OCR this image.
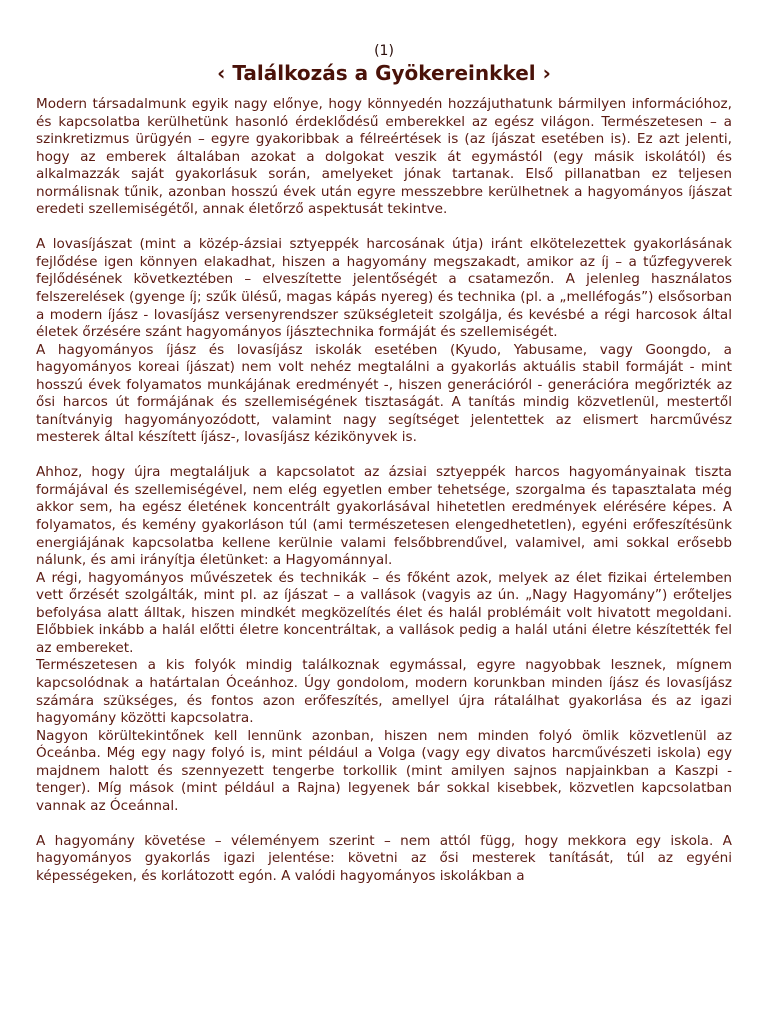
(1)
‹ Találkozás a Gyökereinkkel ›

Modern társadalmunk egyik nagy előnye, hogy könnyedén hozzájuthatunk bármilyen információhoz, és kapcsolatba kerülhetünk hasonló érdeklődésű emberekkel az egész világon. Természetesen – a szinkretizmus ürügyén – egyre gyakoribbak a félreértések is (az íjászat esetében is). Ez azt jelenti, hogy az emberek általában azokat a dolgokat veszik át egymástól (egy másik iskolától) és alkalmazzák saját gyakorlásuk során, amelyeket jónak tartanak. Első pillanatban ez teljesen normálisnak tűnik, azonban hosszú évek után egyre messzebbre kerülhetnek a hagyományos íjászat eredeti szellemiségétől, annak életőrző aspektusát tekintve.

A lovasíjászat (mint a közép-ázsiai sztyeppék harcosának útja) iránt elkötelezettek gyakorlásának fejlődése igen könnyen elakadhat, hiszen a hagyomány megszakadt, amikor az íj – a tűzfegyverek fejlődésének következtében – elveszítette jelentőségét a csatamezőn. A jelenleg használatos felszerelések (gyenge íj; szűk ülésű, magas kápás nyereg) és technika (pl. a „melléfogás”) elsősorban a modern íjász - lovasíjász versenyrendszer szükségleteit szolgálja, és kevésbé a régi harcosok által életek őrzésére szánt hagyományos íjásztechnika formáját és szellemiségét.

A hagyományos íjász és lovasíjász iskolák esetében (Kyudo, Yabusame, vagy Goongdo, a hagyományos koreai íjászat) nem volt nehéz megtalálni a gyakorlás aktuális stabil formáját - mint hosszú évek folyamatos munkájának eredményét -, hiszen generációról - generációra megőrizték az ősi harcos út formájának és szellemiségének tisztaságát. A tanítás mindig közvetlenül, mestertől tanítványig hagyományozódott, valamint nagy segítséget jelentettek az elismert harcművész mesterek által készített íjász-, lovasíjász kézikönyvek is.

Ahhoz, hogy újra megtaláljuk a kapcsolatot az ázsiai sztyeppék harcos hagyományainak tiszta formájával és szellemiségével, nem elég egyetlen ember tehetsége, szorgalma és tapasztalata még akkor sem, ha egész életének koncentrált gyakorlásával hihetetlen eredmények elérésére képes. A folyamatos, és kemény gyakorláson túl (ami természetesen elengedhetetlen), egyéni erőfeszítésünk energiájának kapcsolatba kellene kerülnie valami felsőbbrendűvel, valamivel, ami sokkal erősebb nálunk, és ami irányítja életünket: a Hagyománnyal.

A régi, hagyományos művészetek és technikák – és főként azok, melyek az élet fizikai értelemben vett őrzését szolgálták, mint pl. az íjászat – a vallások (vagyis az ún. „Nagy Hagyomány”) erőteljes befolyása alatt álltak, hiszen mindkét megközelítés élet és halál problémáit volt hivatott megoldani. Előbbiek inkább a halál előtti életre koncentráltak, a vallások pedig a halál utáni életre készítették fel az embereket.

Természetesen a kis folyók mindig találkoznak egymással, egyre nagyobbak lesznek, mígnem kapcsolódnak a határtalan Óceánhoz. Úgy gondolom, modern korunkban minden íjász és lovasíjász számára szükséges, és fontos azon erőfeszítés, amellyel újra rátalálhat gyakorlása és az igazi hagyomány közötti kapcsolatra.

Nagyon körültekintőnek kell lennünk azonban, hiszen nem minden folyó ömlik közvetlenül az Óceánba. Még egy nagy folyó is, mint például a Volga (vagy egy divatos harcművészeti iskola) egy majdnem halott és szennyezett tengerbe torkollik (mint amilyen sajnos napjainkban a Kaszpi - tenger). Míg mások (mint például a Rajna) legyenek bár sokkal kisebbek, közvetlen kapcsolatban vannak az Óceánnal.

A hagyomány követése – véleményem szerint – nem attól függ, hogy mekkora egy iskola. A hagyományos gyakorlás igazi jelentése: követni az ősi mesterek tanítását, túl az egyéni képességeken, és korlátozott egón. A valódi hagyományos iskolákban a
